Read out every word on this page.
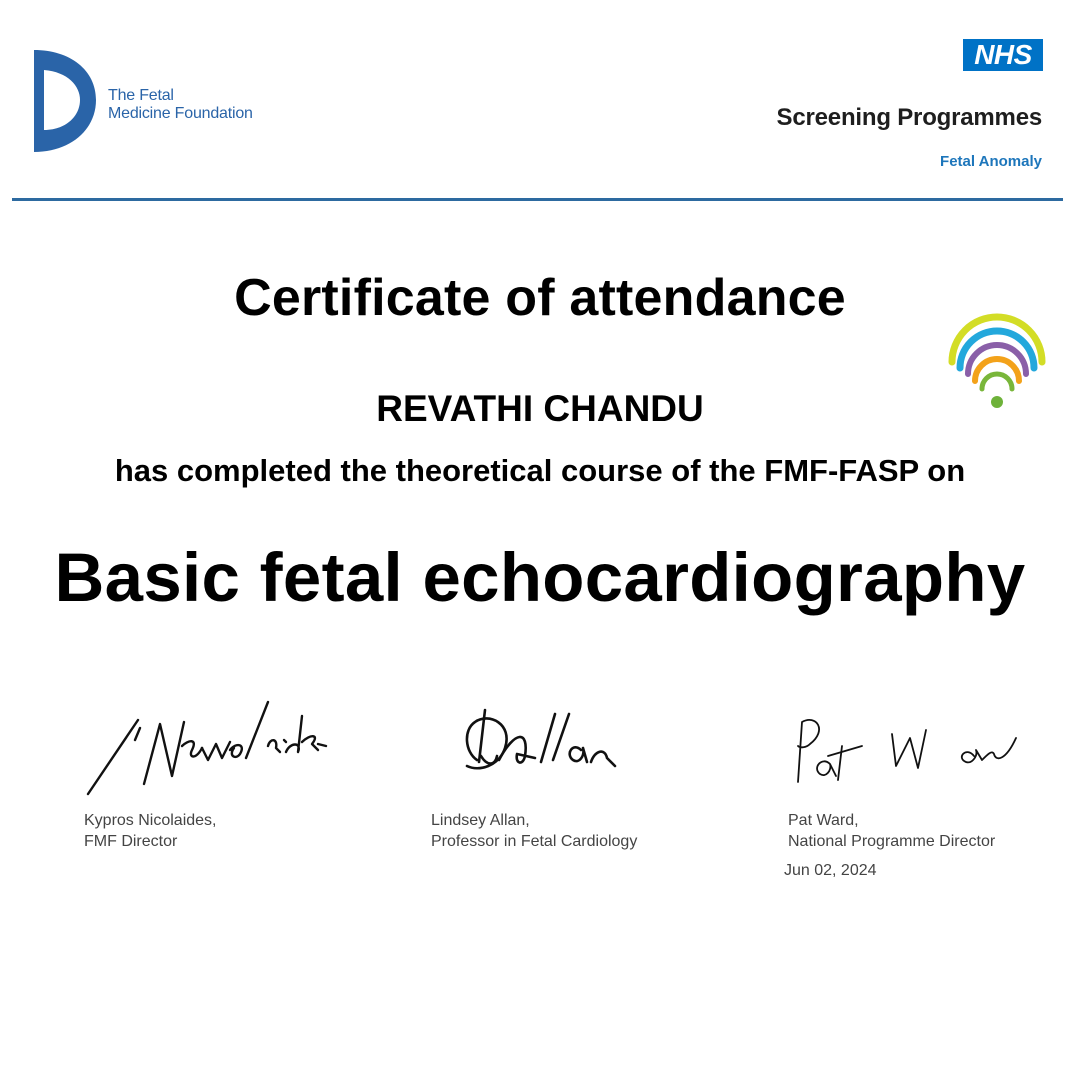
The Fetal
Medicine Foundation
NHS
Screening Programmes
Fetal Anomaly
Certificate of attendance
REVATHI CHANDU
has completed the theoretical course of the FMF-FASP on
Basic fetal echocardiography
Kypros Nicolaides,
FMF Director
Lindsey Allan,
Professor in Fetal Cardiology
Pat Ward,
National Programme Director
Jun 02, 2024
